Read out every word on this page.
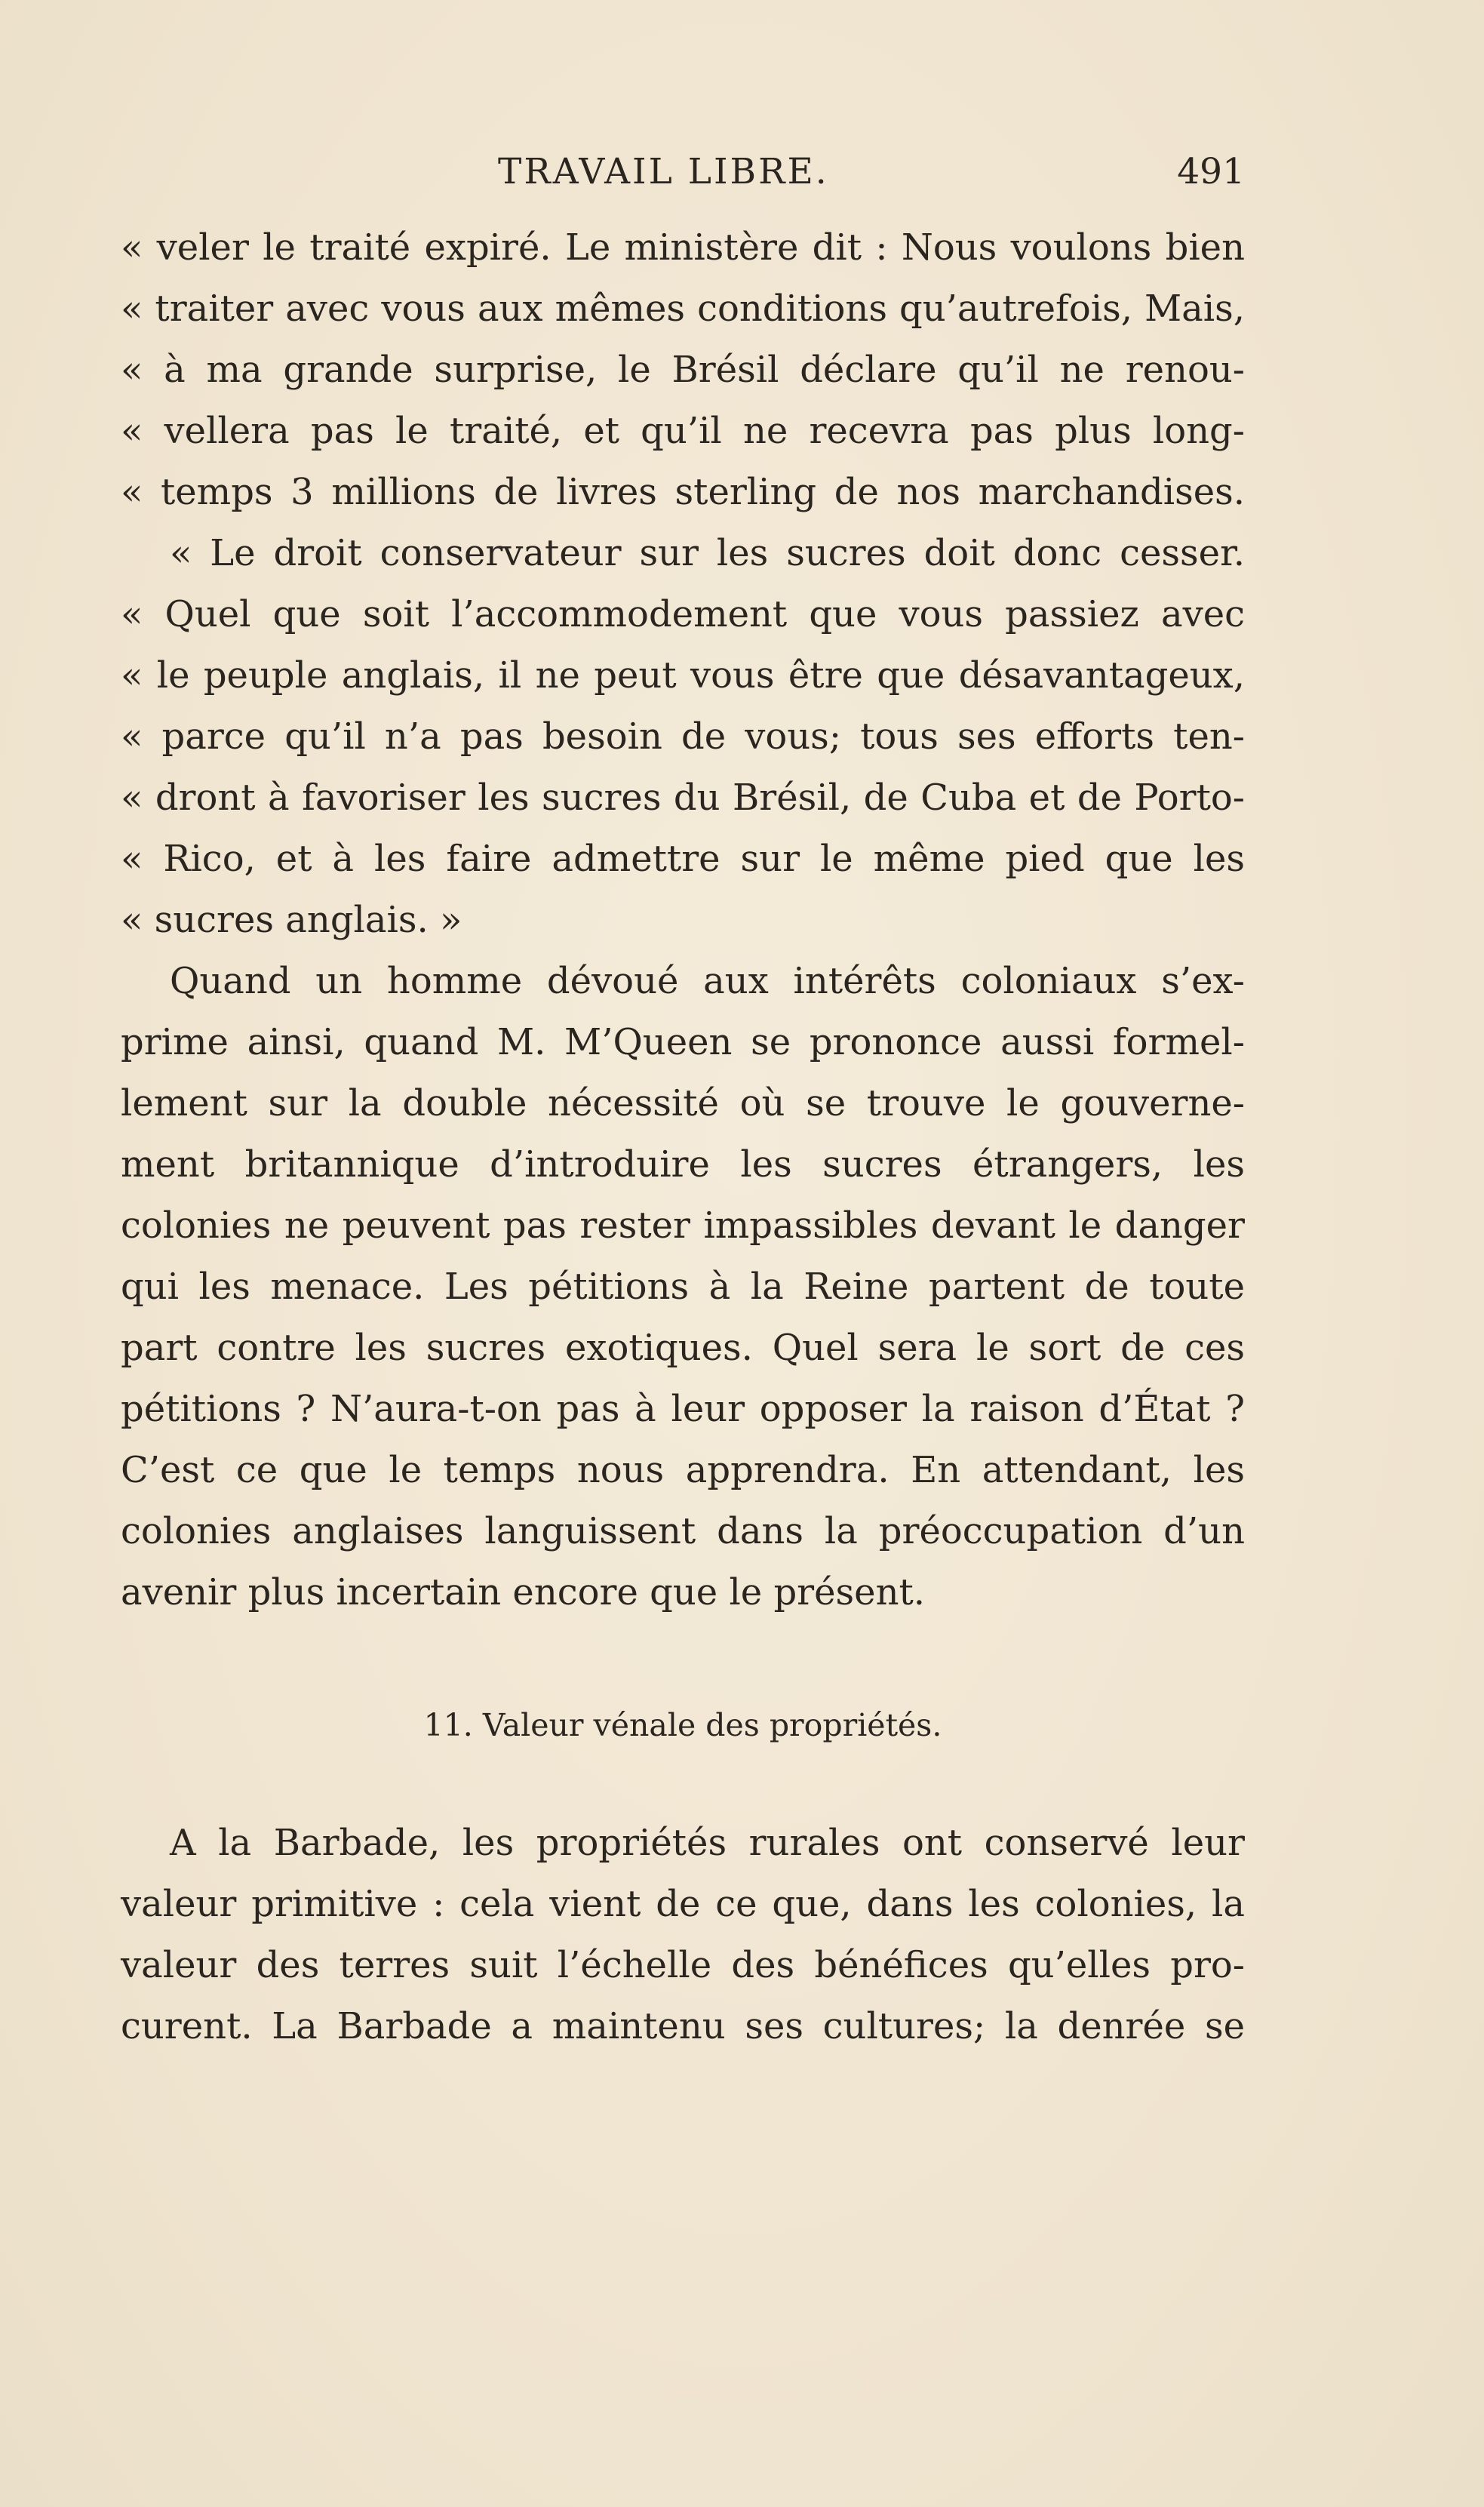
TRAVAIL LIBRE.	491
« veler le traité expiré. Le ministère dit : Nous voulons bien
« traiter avec vous aux mêmes conditions qu’autrefois, Mais,
« à ma grande surprise, le Brésil déclare qu’il ne renou-
« vellera pas le traité, et qu’il ne recevra pas plus long-
« temps 3 millions de livres sterling de nos marchandises.
« Le droit conservateur sur les sucres doit donc cesser.
« Quel que soit l’accommodement que vous passiez avec
« le peuple anglais, il ne peut vous être que désavantageux,
« parce qu’il n’a pas besoin de vous; tous ses efforts ten-
« dront à favoriser les sucres du Brésil, de Cuba et de Porto-
« Rico, et à les faire admettre sur le même pied que les
« sucres anglais. »
Quand un homme dévoué aux intérêts coloniaux s’ex-
prime ainsi, quand M. M’Queen se prononce aussi formel-
lement sur la double nécessité où se trouve le gouverne-
ment britannique d’introduire les sucres étrangers, les
colonies ne peuvent pas rester impassibles devant le danger
qui les menace. Les pétitions à la Reine partent de toute
part contre les sucres exotiques. Quel sera le sort de ces
pétitions ? N’aura-t-on pas à leur opposer la raison d’État ?
C’est ce que le temps nous apprendra. En attendant, les
colonies anglaises languissent dans la préoccupation d’un
avenir plus incertain encore que le présent.
11. Valeur vénale des propriétés.
A la Barbade, les propriétés rurales ont conservé leur
valeur primitive : cela vient de ce que, dans les colonies, la
valeur des terres suit l’échelle des bénéfices qu’elles pro-
curent. La Barbade a maintenu ses cultures; la denrée se
